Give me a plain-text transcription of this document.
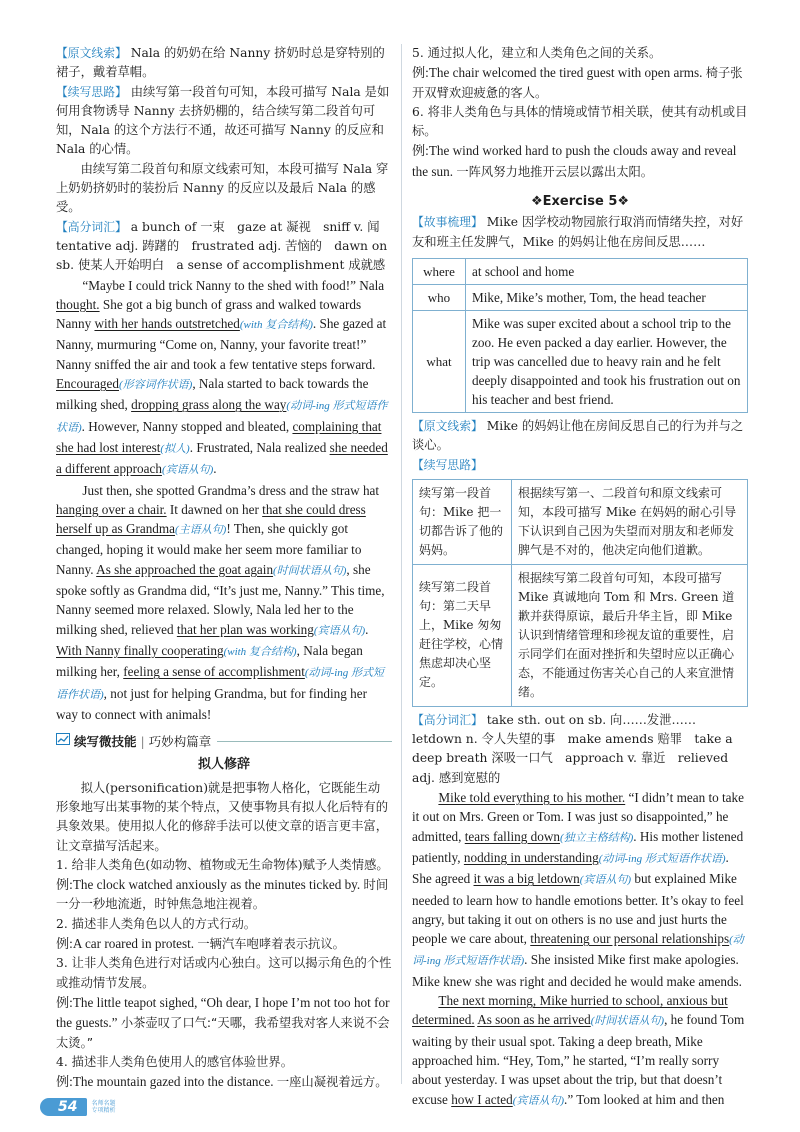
【原文线索】 Nala 的奶奶在给 Nanny 挤奶时总是穿特别的裙子，戴着草帽。

【续写思路】 由续写第一段首句可知，本段可描写 Nala 是如何用食物诱导 Nanny 去挤奶棚的，结合续写第二段首句可知，Nala 的这个方法行不通，故还可描写 Nanny 的反应和 Nala 的心情。

由续写第二段首句和原文线索可知，本段可描写 Nala 穿上奶奶挤奶时的装扮后 Nanny 的反应以及最后 Nala 的感受。

【高分词汇】 a bunch of 一束　gaze at 凝视　sniff v. 闻　tentative adj. 踌躇的　frustrated adj. 苦恼的　dawn on sb. 使某人开始明白　a sense of accomplishment 成就感

“Maybe I could trick Nanny to the shed with food!” Nala thought. She got a big bunch of grass and walked towards Nanny with her hands outstretched(with 复合结构). She gazed at Nanny, murmuring “Come on, Nanny, your favorite treat!” Nanny sniffed the air and took a few tentative steps forward. Encouraged(形容词作状语), Nala started to back towards the milking shed, dropping grass along the way(动词-ing 形式短语作状语). However, Nanny stopped and bleated, complaining that she had lost interest(拟人). Frustrated, Nala realized she needed a different approach(宾语从句).

Just then, she spotted Grandma’s dress and the straw hat hanging over a chair. It dawned on her that she could dress herself up as Grandma(主语从句)! Then, she quickly got changed, hoping it would make her seem more familiar to Nanny. As she approached the goat again(时间状语从句), she spoke softly as Grandma did, “It’s just me, Nanny.” This time, Nanny seemed more relaxed. Slowly, Nala led her to the milking shed, relieved that her plan was working(宾语从句). With Nanny finally cooperating(with 复合结构), Nala began milking her, feeling a sense of accomplishment(动词-ing 形式短语作状语), not just for helping Grandma, but for finding her way to connect with animals!

续写微技能 | 巧妙构篇章
拟人修辞

拟人(personification)就是把事物人格化，它既能生动形象地写出某事物的某个特点，又使事物具有拟人化后特有的具象效果。使用拟人化的修辞手法可以使文章的语言更丰富，让文章描写活起来。

1. 给非人类角色(如动物、植物或无生命物体)赋予人类情感。

例:The clock watched anxiously as the minutes ticked by. 时间一分一秒地流逝，时钟焦急地注视着。

2. 描述非人类角色以人的方式行动。

例:A car roared in protest. 一辆汽车咆哮着表示抗议。

3. 让非人类角色进行对话或内心独白。这可以揭示角色的个性或推动情节发展。

例:The little teapot sighed, “Oh dear, I hope I’m not too hot for the guests.” 小茶壶叹了口气:“天哪，我希望我对客人来说不会太烫。”

4. 描述非人类角色使用人的感官体验世界。

例:The mountain gazed into the distance. 一座山凝视着远方。

5. 通过拟人化，建立和人类角色之间的关系。

例:The chair welcomed the tired guest with open arms. 椅子张开双臂欢迎疲惫的客人。

6. 将非人类角色与具体的情境或情节相关联，使其有动机或目标。

例:The wind worked hard to push the clouds away and reveal the sun. 一阵风努力地推开云层以露出太阳。

❖Exercise 5❖

【故事梳理】 Mike 因学校动物园旅行取消而情绪失控，对好友和班主任发脾气，Mike 的妈妈让他在房间反思……

where	at school and home
who	Mike, Mike’s mother, Tom, the head teacher
what	Mike was super excited about a school trip to the zoo. He even packed a day earlier. However, the trip was cancelled due to heavy rain and he felt deeply disappointed and took his frustration out on his teacher and best friend.

【原文线索】 Mike 的妈妈让他在房间反思自己的行为并与之谈心。

【续写思路】

续写第一段首句：Mike 把一切都告诉了他的妈妈。	根据续写第一、二段首句和原文线索可知，本段可描写 Mike 在妈妈的耐心引导下认识到自己因为失望而对朋友和老师发脾气是不对的，他决定向他们道歉。
续写第二段首句：第二天早上，Mike 匆匆赶往学校，心情焦虑却决心坚定。	根据续写第二段首句可知，本段可描写 Mike 真诚地向 Tom 和 Mrs. Green 道歉并获得原谅，最后升华主旨，即 Mike 认识到情绪管理和珍视友谊的重要性，启示同学们在面对挫折和失望时应以正确心态，不能通过伤害关心自己的人来宣泄情绪。

【高分词汇】 take sth. out on sb. 向……发泄……　letdown n. 令人失望的事　make amends 赔罪　take a deep breath 深吸一口气　approach v. 靠近　relieved adj. 感到宽慰的

Mike told everything to his mother. “I didn’t mean to take it out on Mrs. Green or Tom. I was just so disappointed,” he admitted, tears falling down(独立主格结构). His mother listened patiently, nodding in understanding(动词-ing 形式短语作状语). She agreed it was a big letdown(宾语从句) but explained Mike needed to learn how to handle emotions better. It’s okay to feel angry, but taking it out on others is no use and just hurts the people we care about, threatening our personal relationships(动词-ing 形式短语作状语). She insisted Mike first make apologies. Mike knew she was right and decided he would make amends.

The next morning, Mike hurried to school, anxious but determined. As soon as he arrived(时间状语从句), he found Tom waiting by their usual spot. Taking a deep breath, Mike approached him. “Hey, Tom,” he started, “I’m really sorry about yesterday. I was upset about the trip, but that doesn’t excuse how I acted(宾语从句).” Tom looked at him and then

54	名师名题
专项精析
